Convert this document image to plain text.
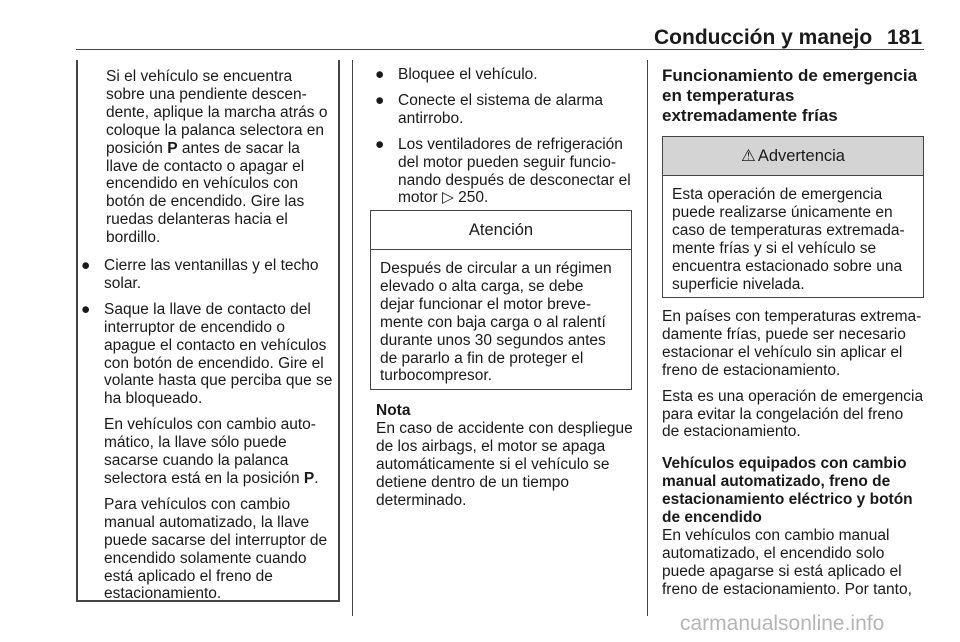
Conducción y manejo 181

Si el vehículo se encuentra sobre una pendiente descendente, aplique la marcha atrás o coloque la palanca selectora en posición P antes de sacar la llave de contacto o apagar el encendido en vehículos con botón de encendido. Gire las ruedas delanteras hacia el bordillo.

● Cierre las ventanillas y el techo solar.
● Saque la llave de contacto del interruptor de encendido o apague el contacto en vehículos con botón de encendido. Gire el volante hasta que perciba que se ha bloqueado.
En vehículos con cambio automático, la llave sólo puede sacarse cuando la palanca selectora está en la posición P.
Para vehículos con cambio manual automatizado, la llave puede sacarse del interruptor de encendido solamente cuando está aplicado el freno de estacionamiento.
● Bloquee el vehículo.
● Conecte el sistema de alarma antirrobo.
● Los ventiladores de refrigeración del motor pueden seguir funcionando después de desconectar el motor ▷ 250.
Atención
Después de circular a un régimen elevado o alta carga, se debe dejar funcionar el motor brevemente con baja carga o al ralentí durante unos 30 segundos antes de pararlo a fin de proteger el turbocompresor.
Nota
En caso de accidente con despliegue de los airbags, el motor se apaga automáticamente si el vehículo se detiene dentro de un tiempo determinado.
Funcionamiento de emergencia en temperaturas
extremadamente frías
⚠ Advertencia
Esta operación de emergencia puede realizarse únicamente en caso de temperaturas extremadamente frías y si el vehículo se encuentra estacionado sobre una superficie nivelada.

En países con temperaturas extremadamente frías, puede ser necesario estacionar el vehículo sin aplicar el freno de estacionamiento.

Esta es una operación de emergencia para evitar la congelación del freno de estacionamiento.

Vehículos equipados con cambio manual automatizado, freno de estacionamiento eléctrico y botón de encendido

En vehículos con cambio manual automatizado, el encendido solo puede apagarse si está aplicado el freno de estacionamiento. Por tanto,

carmanualsonline.info
